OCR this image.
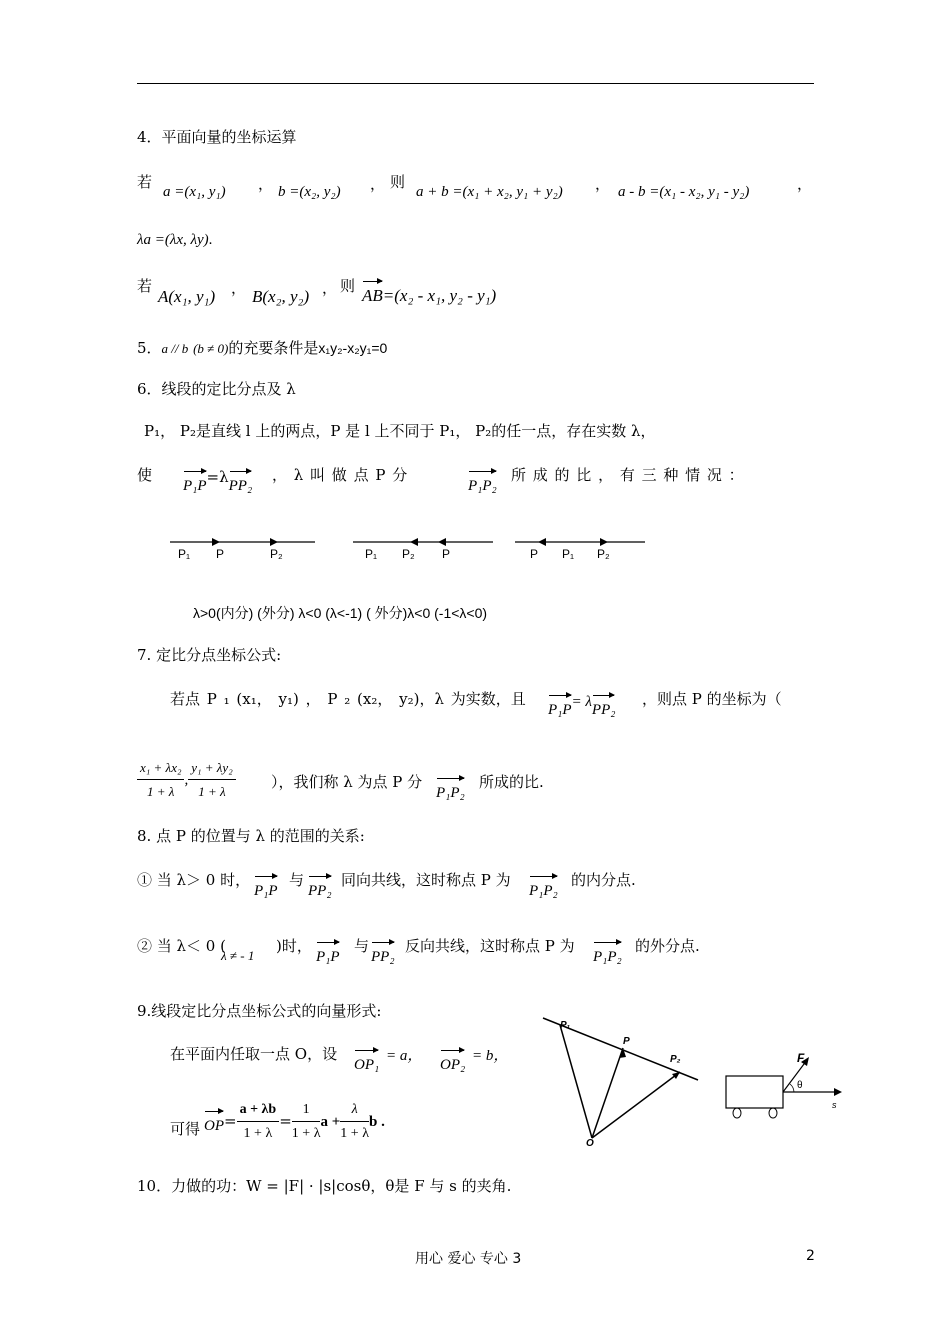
4．平面向量的坐标运算
若
a =(x₁, y₁) ， b =(x₂, y₂) ， 则
a + b =(x₁ + x₂, y₁ + y₂) ， a - b =(x₁ - x₂, y₁ - y₂)	，
λa =(λx, λy).
若
A(x₁, y₁) ， B(x₂, y₂) ， 则 AB=(x₂ - x₁, y₂ - y₁)
5．a // b (b ≠ 0)的充要条件是x₁y₂-x₂y₁=0
6．线段的定比分点及 λ
P₁， P₂是直线 l 上的两点，P 是 l 上不同于 P₁， P₂的任一点，存在实数 λ，
使
P₁P=λPP₂
， λ 叫 做 点 P 分
P₁P₂
所 成 的 比 ， 有 三 种 情 况 ：
P₁ P	P₂	P₁ P₂ P	P P₁ P₂
λ>0(内分) (外分) λ<0 (λ<-1) ( 外分)λ<0 (-1<λ<0)
7. 定比分点坐标公式:
若点 P ₁ (x₁， y₁) ， P ₂ (x₂， y₂)，λ 为实数，且
P₁P= λPP₂
，则点 P 的坐标为（
$\frac{\text{x₁ + λx₂}}{1 + \lambda}$ , $\frac{\text{y₁ + λy₂}}{1 + \lambda}$ ），我们称 λ 为点 P 分
P₁P₂
所成的比.
8. 点 P 的位置与 λ 的范围的关系:
① 当 λ＞ 0 时，
P₁P
与
PP₂
同向共线，这时称点 P 为
P₁P₂
的内分点.
② 当 λ＜ 0 (
λ ≠ - 1
)时，
P₁P
与
PP₂
反向共线，这时称点 P 为
P₁P₂
的外分点.
9.线段定比分点坐标公式的向量形式:
在平面内任取一点 O，设
OP₁
= a，
OP₂
= b，
可得 $OP= \frac{a + \lambda b}{1 + \lambda} = \frac{1}{1 + \lambda}$ $a + \frac{\lambda}{1 + \lambda}$ b .
P₁
P
P₂
O
F
θ
s
10．力做的功：W = |F| · |s|cosθ，θ是 F 与 s 的夹角.
用心 爱心 专心 3	2
